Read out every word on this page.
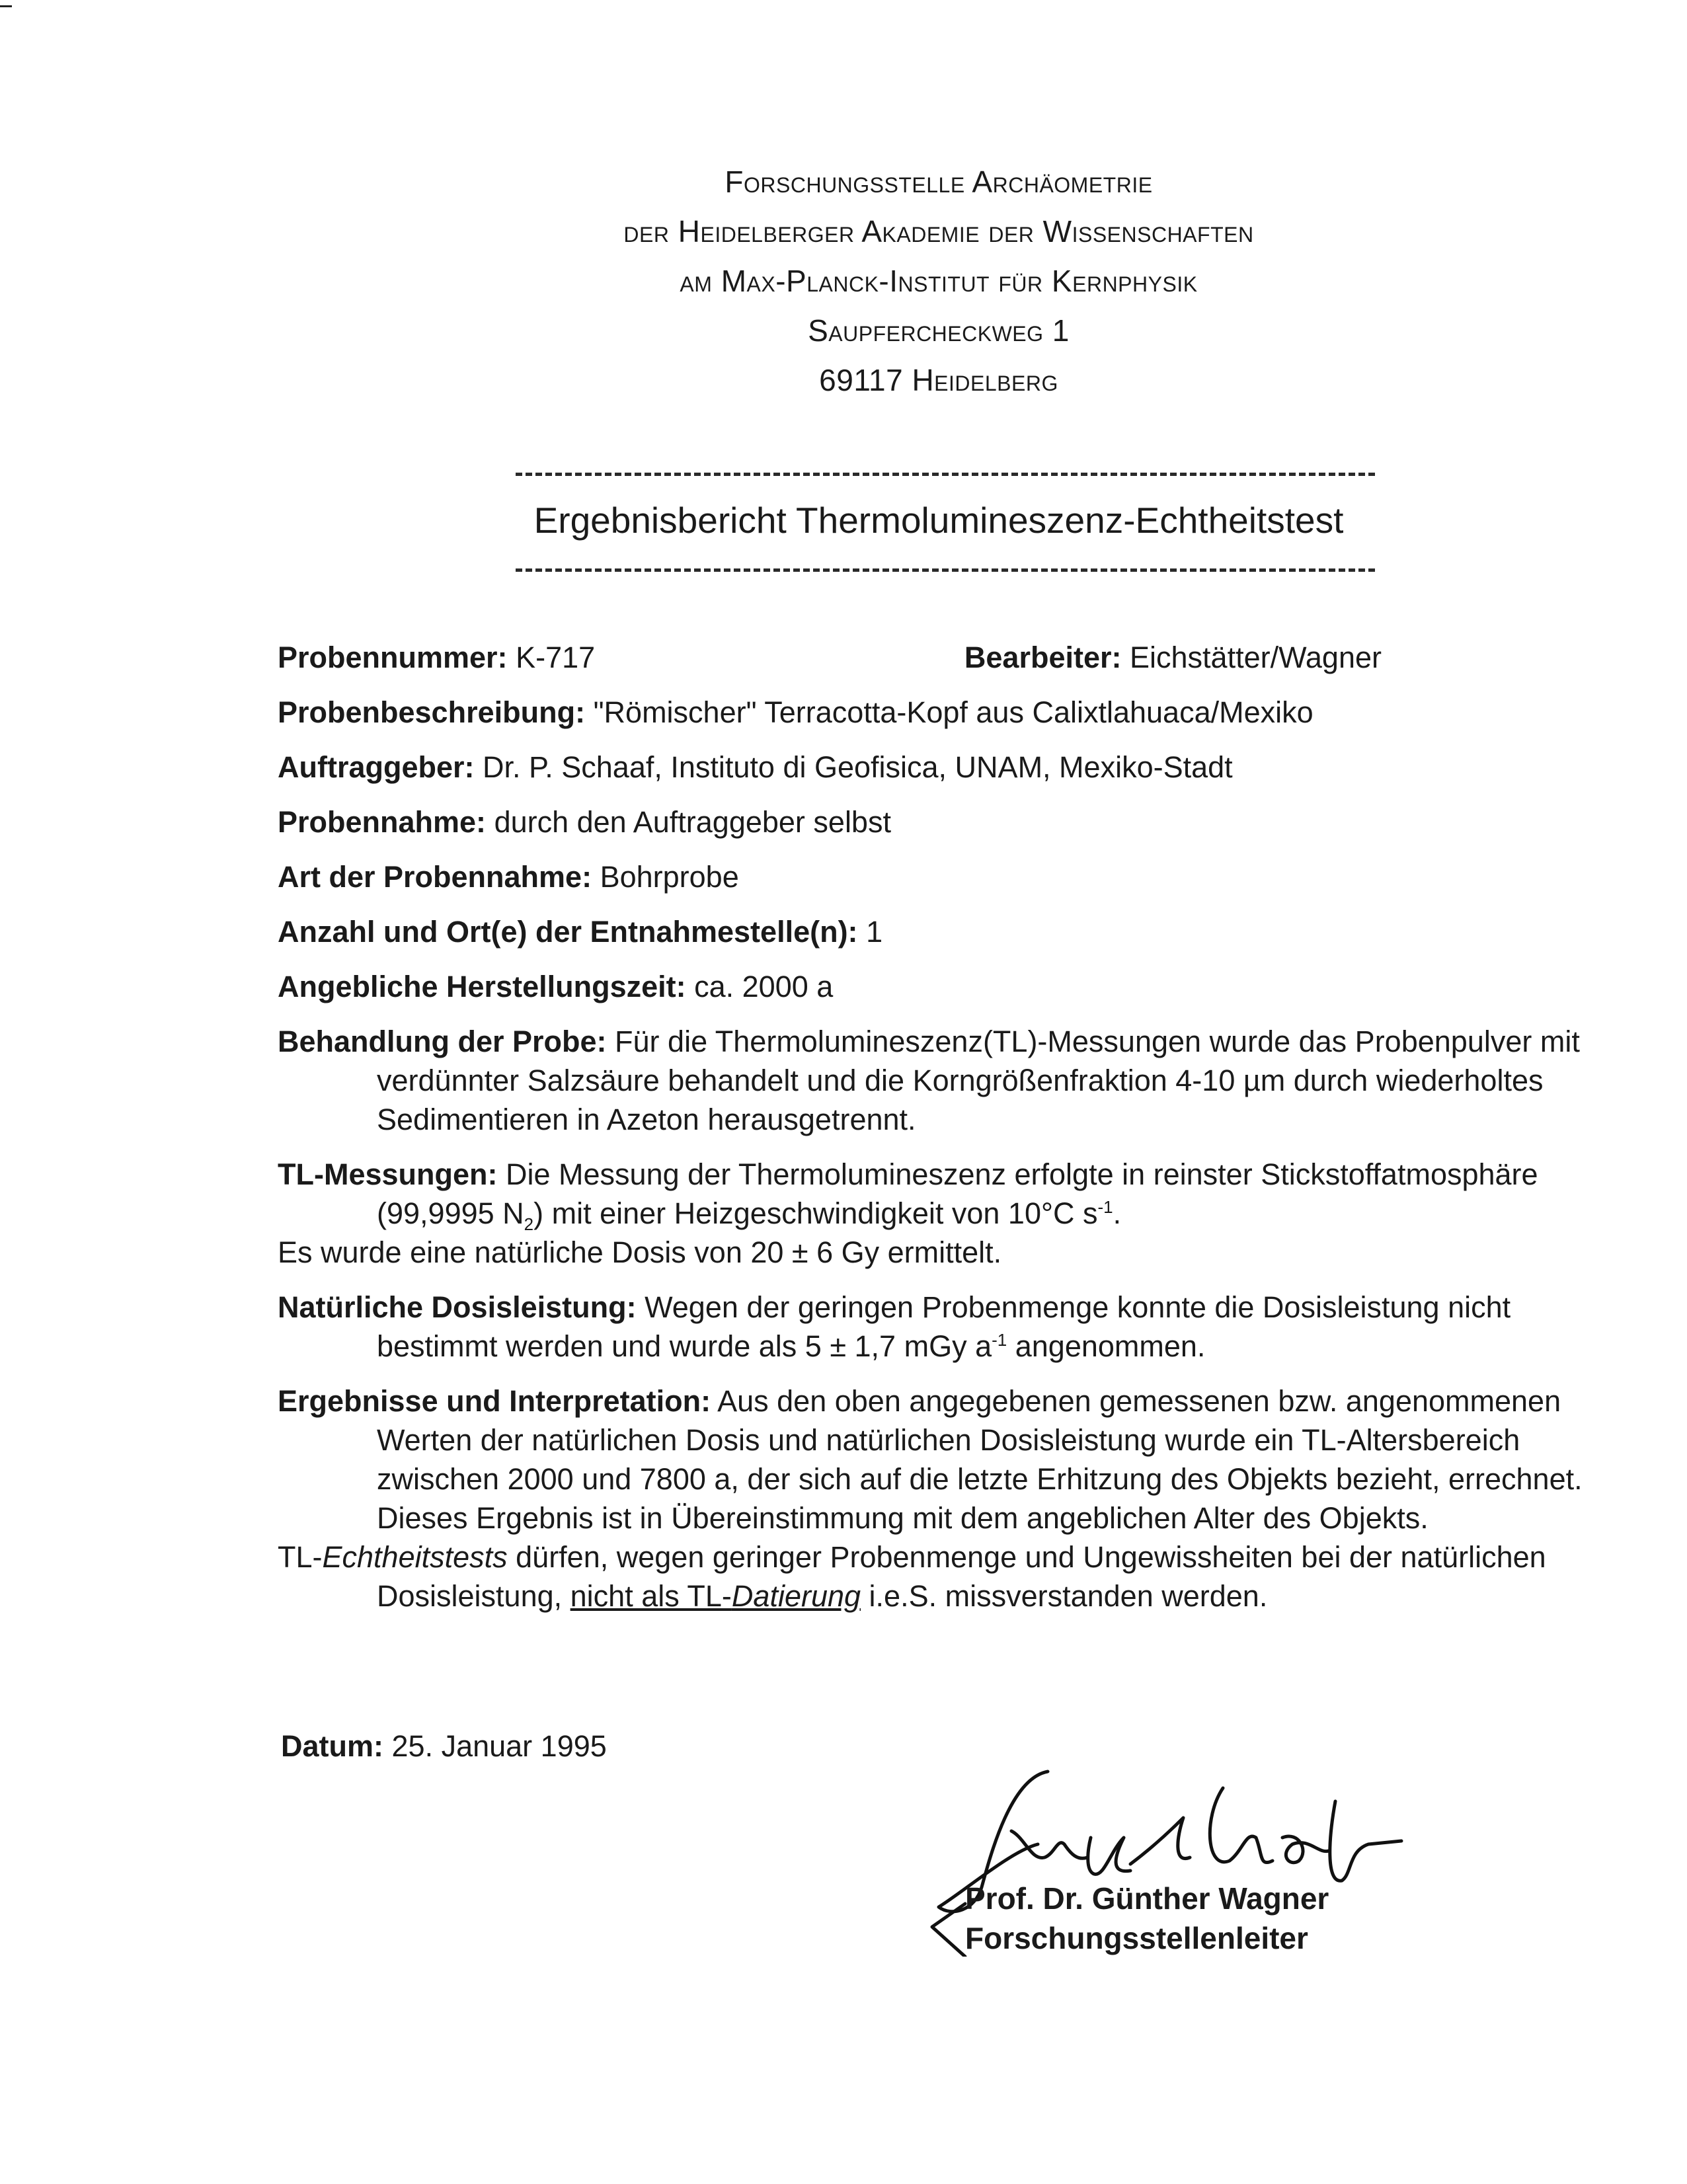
Forschungsstelle Archäometrie
der Heidelberger Akademie der Wissenschaften
am Max-Planck-Institut für Kernphysik
Saupfercheckweg 1
69117 Heidelberg
Ergebnisbericht Thermolumineszenz-Echtheitstest
Probennummer: K-717	Bearbeiter: Eichstätter/Wagner
Probenbeschreibung: "Römischer" Terracotta-Kopf aus Calixtlahuaca/Mexiko
Auftraggeber: Dr. P. Schaaf, Instituto di Geofisica, UNAM, Mexiko-Stadt
Probennahme: durch den Auftraggeber selbst
Art der Probennahme: Bohrprobe
Anzahl und Ort(e) der Entnahmestelle(n): 1
Angebliche Herstellungszeit: ca. 2000 a
Behandlung der Probe: Für die Thermolumineszenz(TL)-Messungen wurde das Probenpulver mit verdünnter Salzsäure behandelt und die Korngrößenfraktion 4-10 µm durch wiederholtes Sedimentieren in Azeton herausgetrennt.
TL-Messungen: Die Messung der Thermolumineszenz erfolgte in reinster Stickstoffatmosphäre (99,9995 $N_2$) mit einer Heizgeschwindigkeit von 10°C $s^{-1}$.
Es wurde eine natürliche Dosis von 20 ± 6 Gy ermittelt.
Natürliche Dosisleistung: Wegen der geringen Probenmenge konnte die Dosisleistung nicht bestimmt werden und wurde als 5 ± 1,7 mGy $a^{-1}$ angenommen.
Ergebnisse und Interpretation: Aus den oben angegebenen gemessenen bzw. angenommenen Werten der natürlichen Dosis und natürlichen Dosisleistung wurde ein TL-Altersbereich zwischen 2000 und 7800 a, der sich auf die letzte Erhitzung des Objekts bezieht, errechnet. Dieses Ergebnis ist in Übereinstimmung mit dem angeblichen Alter des Objekts.
TL-Echtheitstests dürfen, wegen geringer Probenmenge und Ungewissheiten bei der natürlichen Dosisleistung, nicht als TL-Datierung i.e.S. missverstanden werden.
Datum: 25. Januar 1995
Prof. Dr. Günther Wagner
Forschungsstellenleiter
